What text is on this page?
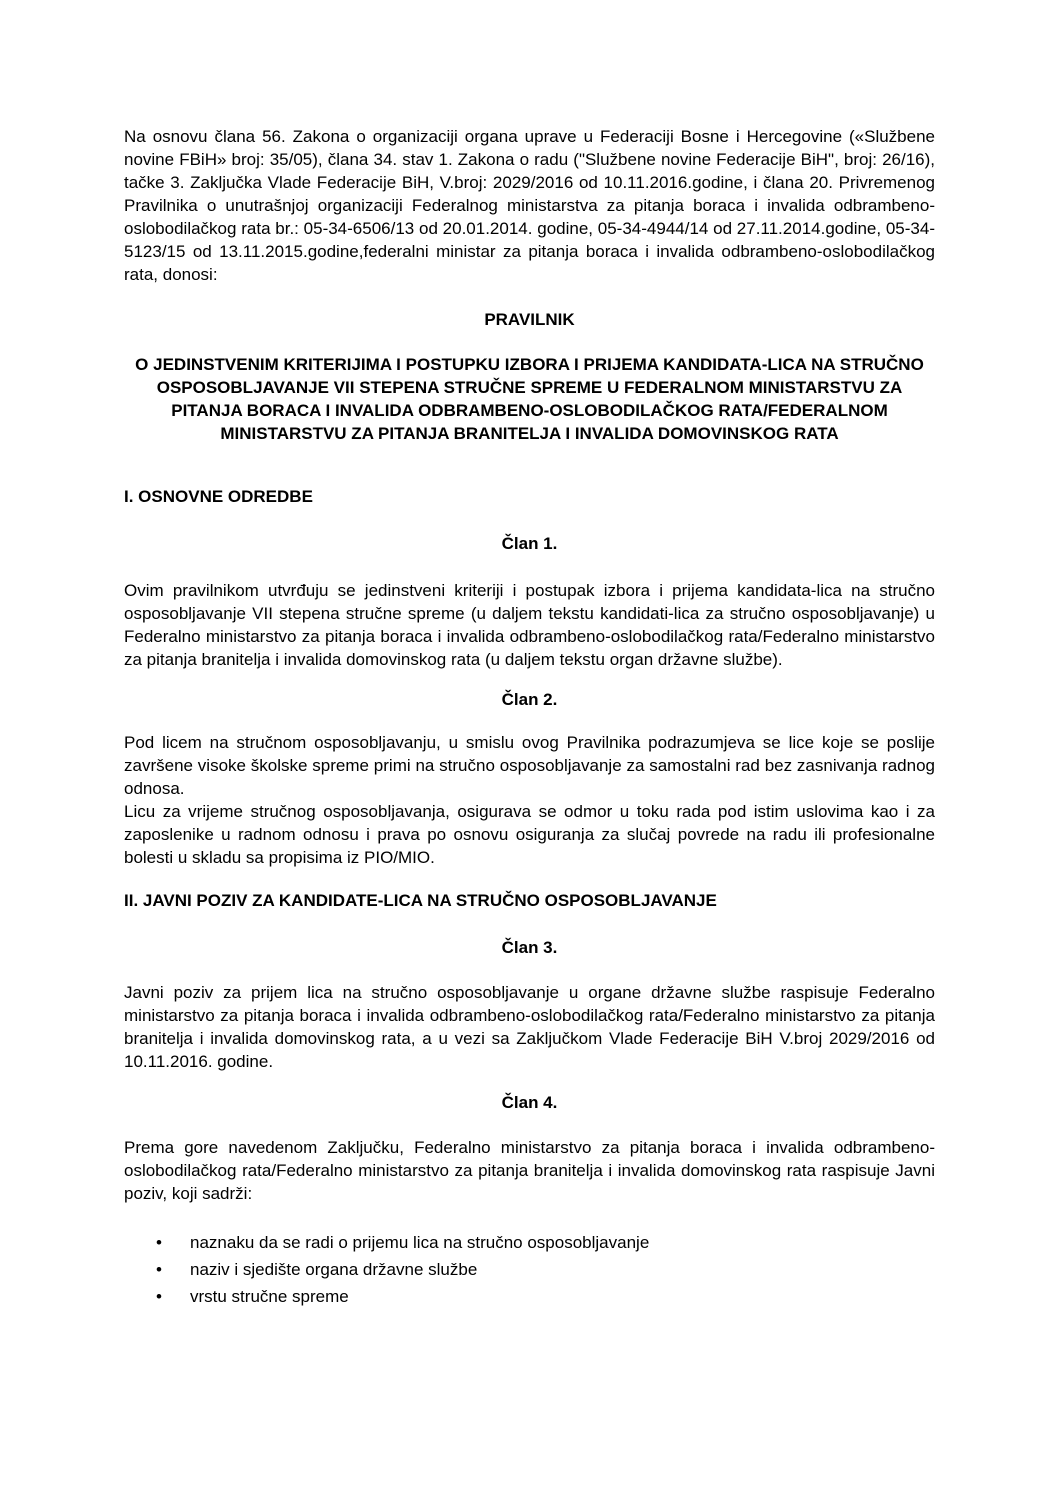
Na osnovu člana 56. Zakona o organizaciji organa uprave u Federaciji Bosne i Hercegovine («Službene novine FBiH» broj: 35/05), člana 34. stav 1. Zakona o radu ("Službene novine Federacije BiH", broj: 26/16), tačke 3. Zaključka Vlade Federacije BiH, V.broj: 2029/2016 od 10.11.2016.godine, i člana 20. Privremenog Pravilnika o unutrašnjoj organizaciji Federalnog ministarstva za pitanja boraca i invalida odbrambeno-oslobodilačkog rata br.: 05-34-6506/13 od 20.01.2014. godine, 05-34-4944/14 od 27.11.2014.godine, 05-34-5123/15 od 13.11.2015.godine,federalni ministar za pitanja boraca i invalida odbrambeno-oslobodilačkog rata, donosi:

PRAVILNIK
O JEDINSTVENIM KRITERIJIMA I POSTUPKU IZBORA I PRIJEMA KANDIDATA-LICA NA STRUČNO OSPOSOBLJAVANJE VII STEPENA STRUČNE SPREME U FEDERALNOM MINISTARSTVU ZA PITANJA BORACA I INVALIDA ODBRAMBENO-OSLOBODILAČKOG RATA/FEDERALNOM MINISTARSTVU ZA PITANJA BRANITELJA I INVALIDA DOMOVINSKOG RATA
I. OSNOVNE ODREDBE
Član 1.

Ovim pravilnikom utvrđuju se jedinstveni kriteriji i postupak izbora i prijema kandidata-lica na stručno osposobljavanje VII stepena stručne spreme (u daljem tekstu kandidati-lica za stručno osposobljavanje) u Federalno ministarstvo za pitanja boraca i invalida odbrambeno-oslobodilačkog rata/Federalno ministarstvo za pitanja branitelja i invalida domovinskog rata (u daljem tekstu organ državne službe).

Član 2.

Pod licem na stručnom osposobljavanju, u smislu ovog Pravilnika podrazumjeva se lice koje se poslije završene visoke školske spreme primi na stručno osposobljavanje za samostalni rad bez zasnivanja radnog odnosa.

Licu za vrijeme stručnog osposobljavanja, osigurava se odmor u toku rada pod istim uslovima kao i za zaposlenike u radnom odnosu i prava po osnovu osiguranja za slučaj povrede na radu ili profesionalne bolesti u skladu sa propisima iz PIO/MIO.

II. JAVNI POZIV ZA KANDIDATE-LICA NA STRUČNO OSPOSOBLJAVANJE
Član 3.

Javni poziv za prijem lica na stručno osposobljavanje u organe državne službe raspisuje Federalno ministarstvo za pitanja boraca i invalida odbrambeno-oslobodilačkog rata/Federalno ministarstvo za pitanja branitelja i invalida domovinskog rata, a u vezi sa Zaključkom Vlade Federacije BiH V.broj 2029/2016 od 10.11.2016. godine.

Član 4.

Prema gore navedenom Zaključku, Federalno ministarstvo za pitanja boraca i invalida odbrambeno- oslobodilačkog rata/Federalno ministarstvo za pitanja branitelja i invalida domovinskog rata raspisuje Javni poziv, koji sadrži:

• naznaku da se radi o prijemu lica na stručno osposobljavanje
• naziv i sjedište organa državne službe
• vrstu stručne spreme
